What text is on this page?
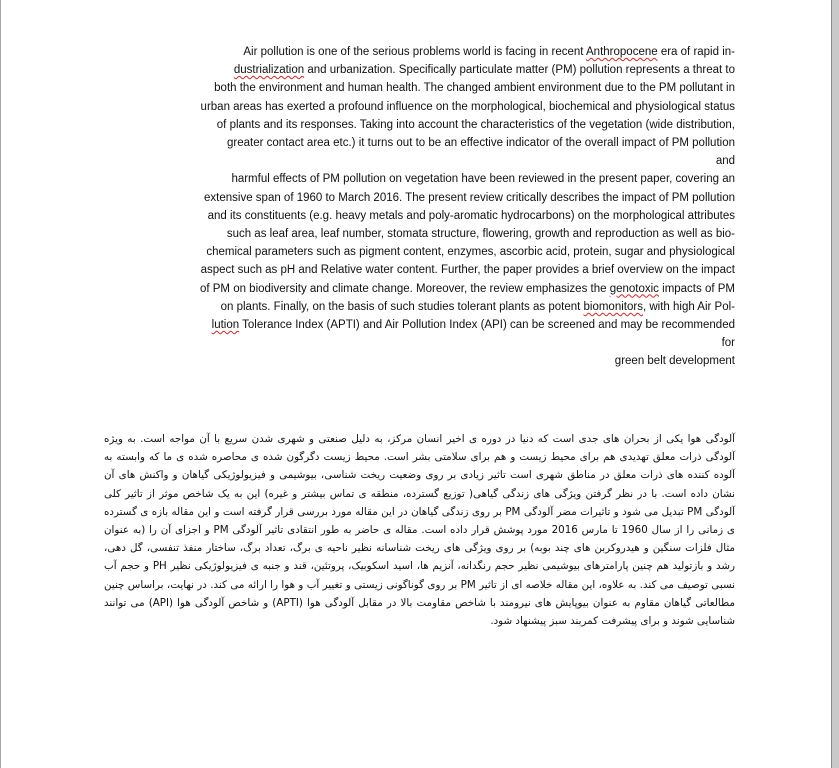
Air pollution is one of the serious problems world is facing in recent Anthropocene era of rapid in-
dustrialization and urbanization. Specifically particulate matter (PM) pollution represents a threat to
both the environment and human health. The changed ambient environment due to the PM pollutant in
urban areas has exerted a profound influence on the morphological, biochemical and physiological status
of plants and its responses. Taking into account the characteristics of the vegetation (wide distribution,
greater contact area etc.) it turns out to be an effective indicator of the overall impact of PM pollution
and
harmful effects of PM pollution on vegetation have been reviewed in the present paper, covering an
extensive span of 1960 to March 2016. The present review critically describes the impact of PM pollution
and its constituents (e.g. heavy metals and poly-aromatic hydrocarbons) on the morphological attributes
such as leaf area, leaf number, stomata structure, flowering, growth and reproduction as well as bio-
chemical parameters such as pigment content, enzymes, ascorbic acid, protein, sugar and physiological
aspect such as pH and Relative water content. Further, the paper provides a brief overview on the impact
of PM on biodiversity and climate change. Moreover, the review emphasizes the genotoxic impacts of PM
on plants. Finally, on the basis of such studies tolerant plants as potent biomonitors, with high Air Pol-
lution Tolerance Index (APTI) and Air Pollution Index (API) can be screened and may be recommended
for
green belt development

آلودگی هوا یکی از بحران های جدی است که دنیا در دوره ی اخیر انسان مرکز، به دلیل صنعتی و شهری شدن سریع با آن مواجه است. به ویژه آلودگی ذرات معلق تهدیدی هم برای محیط زیست و هم برای سلامتی بشر است. محیط زیست دگرگون شده ی محاصره شده ی ما که وابسته به آلوده کننده های ذرات معلق در مناطق شهری است تاثیر زیادی بر روی وضعیت ریخت شناسی، بیوشیمی و فیزیولوژیکی گیاهان و واکنش های آن نشان داده است. با در نظر گرفتن ویژگی های زندگی گیاهی( توزیع گسترده، منطقه ی تماس بیشتر و غیره) این به یک شاخص موثر از تاثیر کلی آلودگی PM تبدیل می شود و تاثیرات مضر آلودگی PM بر روی زندگی گیاهان در این مقاله مورد بررسی قرار گرفته است و این مقاله بازه ی گسترده ی زمانی را از سال 1960 تا مارس 2016 مورد پوشش قرار داده است. مقاله ی حاضر به طور انتقادی تاثیر آلودگی PM و اجزای آن را (به عنوان مثال فلزات سنگین و هیدروکربن های چند بوبه) بر روی ویژگی های ریخت شناسانه نظیر ناحیه ی برگ، تعداد برگ، ساختار منفذ تنفسی، گل دهی، رشد و بازتولید هم چنین پارامترهای بیوشیمی نظیر حجم رنگدانه، آنزیم ها، اسید اسکوبیک، پروتئین، قند و جنبه ی فیزیولوژیکی نظیر PH و حجم آب نسبی توصیف می کند. به علاوه، این مقاله خلاصه ای از تاثیر PM بر روی گوناگونی زیستی و تغییر آب و هوا را ارائه می کند. در نهایت، براساس چنین مطالعاتی گیاهان مقاوم به عنوان بیوپایش های نیرومند با شاخص مقاومت بالا در مقابل آلودگی هوا (APTI) و شاخص آلودگی هوا (API) می توانند شناسایی شوند و برای پیشرفت کمربند سبز پیشنهاد شود.
